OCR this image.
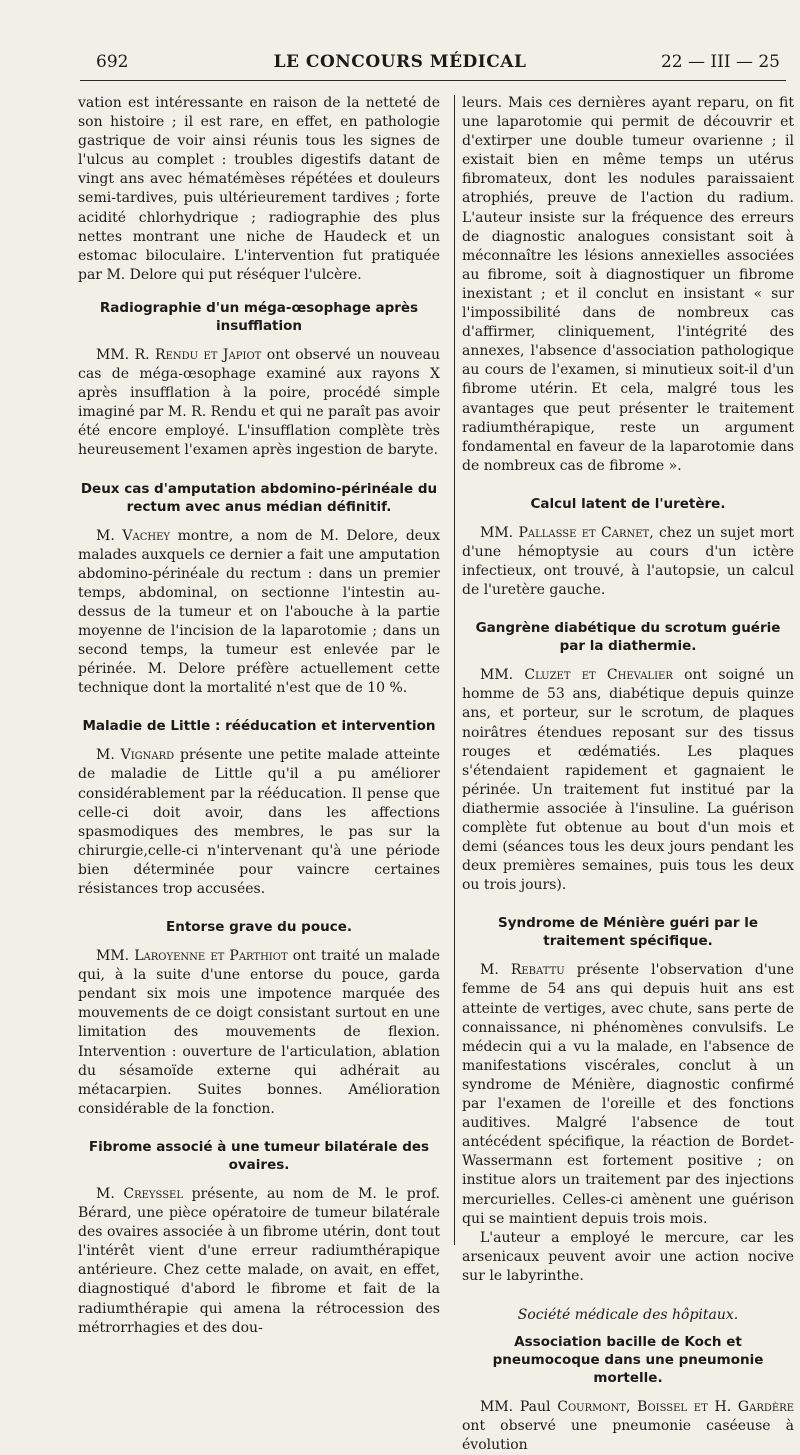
692	LE CONCOURS MÉDICAL	22 — III — 25

vation est intéressante en raison de la netteté de son histoire ; il est rare, en effet, en pathologie gastrique de voir ainsi réunis tous les signes de l'ulcus au complet : troubles digestifs datant de vingt ans avec hématémèses répétées et douleurs semi-tardives, puis ultérieurement tardives ; forte acidité chlorhydrique ; radiographie des plus nettes montrant une niche de Haudeck et un estomac biloculaire. L'intervention fut pratiquée par M. Delore qui put réséquer l'ulcère.

Radiographie d'un méga-œsophage après insufflation

MM. R. Rendu et Japiot ont observé un nouveau cas de méga-œsophage examiné aux rayons X après insufflation à la poire, procédé simple imaginé par M. R. Rendu et qui ne paraît pas avoir été encore employé. L'insufflation complète très heureusement l'examen après ingestion de baryte.

Deux cas d'amputation abdomino-périnéale du rectum avec anus médian définitif.

M. Vachey montre, a nom de M. Delore, deux malades auxquels ce dernier a fait une amputation abdomino-périnéale du rectum : dans un premier temps, abdominal, on sectionne l'intestin au-dessus de la tumeur et on l'abouche à la partie moyenne de l'incision de la laparotomie ; dans un second temps, la tumeur est enlevée par le périnée. M. Delore préfère actuellement cette technique dont la mortalité n'est que de 10 %.

Maladie de Little : rééducation et intervention

M. Vignard présente une petite malade atteinte de maladie de Little qu'il a pu améliorer considérablement par la rééducation. Il pense que celle-ci doit avoir, dans les affections spasmodiques des membres, le pas sur la chirurgie,celle-ci n'intervenant qu'à une période bien déterminée pour vaincre certaines résistances trop accusées.

Entorse grave du pouce.

MM. Laroyenne et Parthiot ont traité un malade qui, à la suite d'une entorse du pouce, garda pendant six mois une impotence marquée des mouvements de ce doigt consistant surtout en une limitation des mouvements de flexion. Intervention : ouverture de l'articulation, ablation du sésamoïde externe qui adhérait au métacarpien. Suites bonnes. Amélioration considérable de la fonction.

Fibrome associé à une tumeur bilatérale des ovaires.

M. Creyssel présente, au nom de M. le prof. Bérard, une pièce opératoire de tumeur bilatérale des ovaires associée à un fibrome utérin, dont tout l'intérêt vient d'une erreur radiumthérapique antérieure. Chez cette malade, on avait, en effet, diagnostiqué d'abord le fibrome et fait de la radiumthérapie qui amena la rétrocession des métrorrhagies et des dou-

leurs. Mais ces dernières ayant reparu, on fit une laparotomie qui permit de découvrir et d'extirper une double tumeur ovarienne ; il existait bien en même temps un utérus fibromateux, dont les nodules paraissaient atrophiés, preuve de l'action du radium. L'auteur insiste sur la fréquence des erreurs de diagnostic analogues consistant soit à méconnaître les lésions annexielles associées au fibrome, soit à diagnostiquer un fibrome inexistant ; et il conclut en insistant « sur l'impossibilité dans de nombreux cas d'affirmer, cliniquement, l'intégrité des annexes, l'absence d'association pathologique au cours de l'examen, si minutieux soit-il d'un fibrome utérin. Et cela, malgré tous les avantages que peut présenter le traitement radiumthérapique, reste un argument fondamental en faveur de la laparotomie dans de nombreux cas de fibrome ».

Calcul latent de l'uretère.

MM. Pallasse et Carnet, chez un sujet mort d'une hémoptysie au cours d'un ictère infectieux, ont trouvé, à l'autopsie, un calcul de l'uretère gauche.

Gangrène diabétique du scrotum guérie par la diathermie.

MM. Cluzet et Chevalier ont soigné un homme de 53 ans, diabétique depuis quinze ans, et porteur, sur le scrotum, de plaques noirâtres étendues reposant sur des tissus rouges et œdématiés. Les plaques s'étendaient rapidement et gagnaient le périnée. Un traitement fut institué par la diathermie associée à l'insuline. La guérison complète fut obtenue au bout d'un mois et demi (séances tous les deux jours pendant les deux premières semaines, puis tous les deux ou trois jours).

Syndrome de Ménière guéri par le traitement spécifique.

M. Rebattu présente l'observation d'une femme de 54 ans qui depuis huit ans est atteinte de vertiges, avec chute, sans perte de connaissance, ni phénomènes convulsifs. Le médecin qui a vu la malade, en l'absence de manifestations viscérales, conclut à un syndrome de Ménière, diagnostic confirmé par l'examen de l'oreille et des fonctions auditives. Malgré l'absence de tout antécédent spécifique, la réaction de Bordet-Wassermann est fortement positive ; on institue alors un traitement par des injections mercurielles. Celles-ci amènent une guérison qui se maintient depuis trois mois.

L'auteur a employé le mercure, car les arsenicaux peuvent avoir une action nocive sur le labyrinthe.

Société médicale des hôpitaux.
Association bacille de Koch et pneumocoque dans une pneumonie mortelle.

MM. Paul Courmont, Boissel et H. Gardère ont observé une pneumonie caséeuse à évolution
